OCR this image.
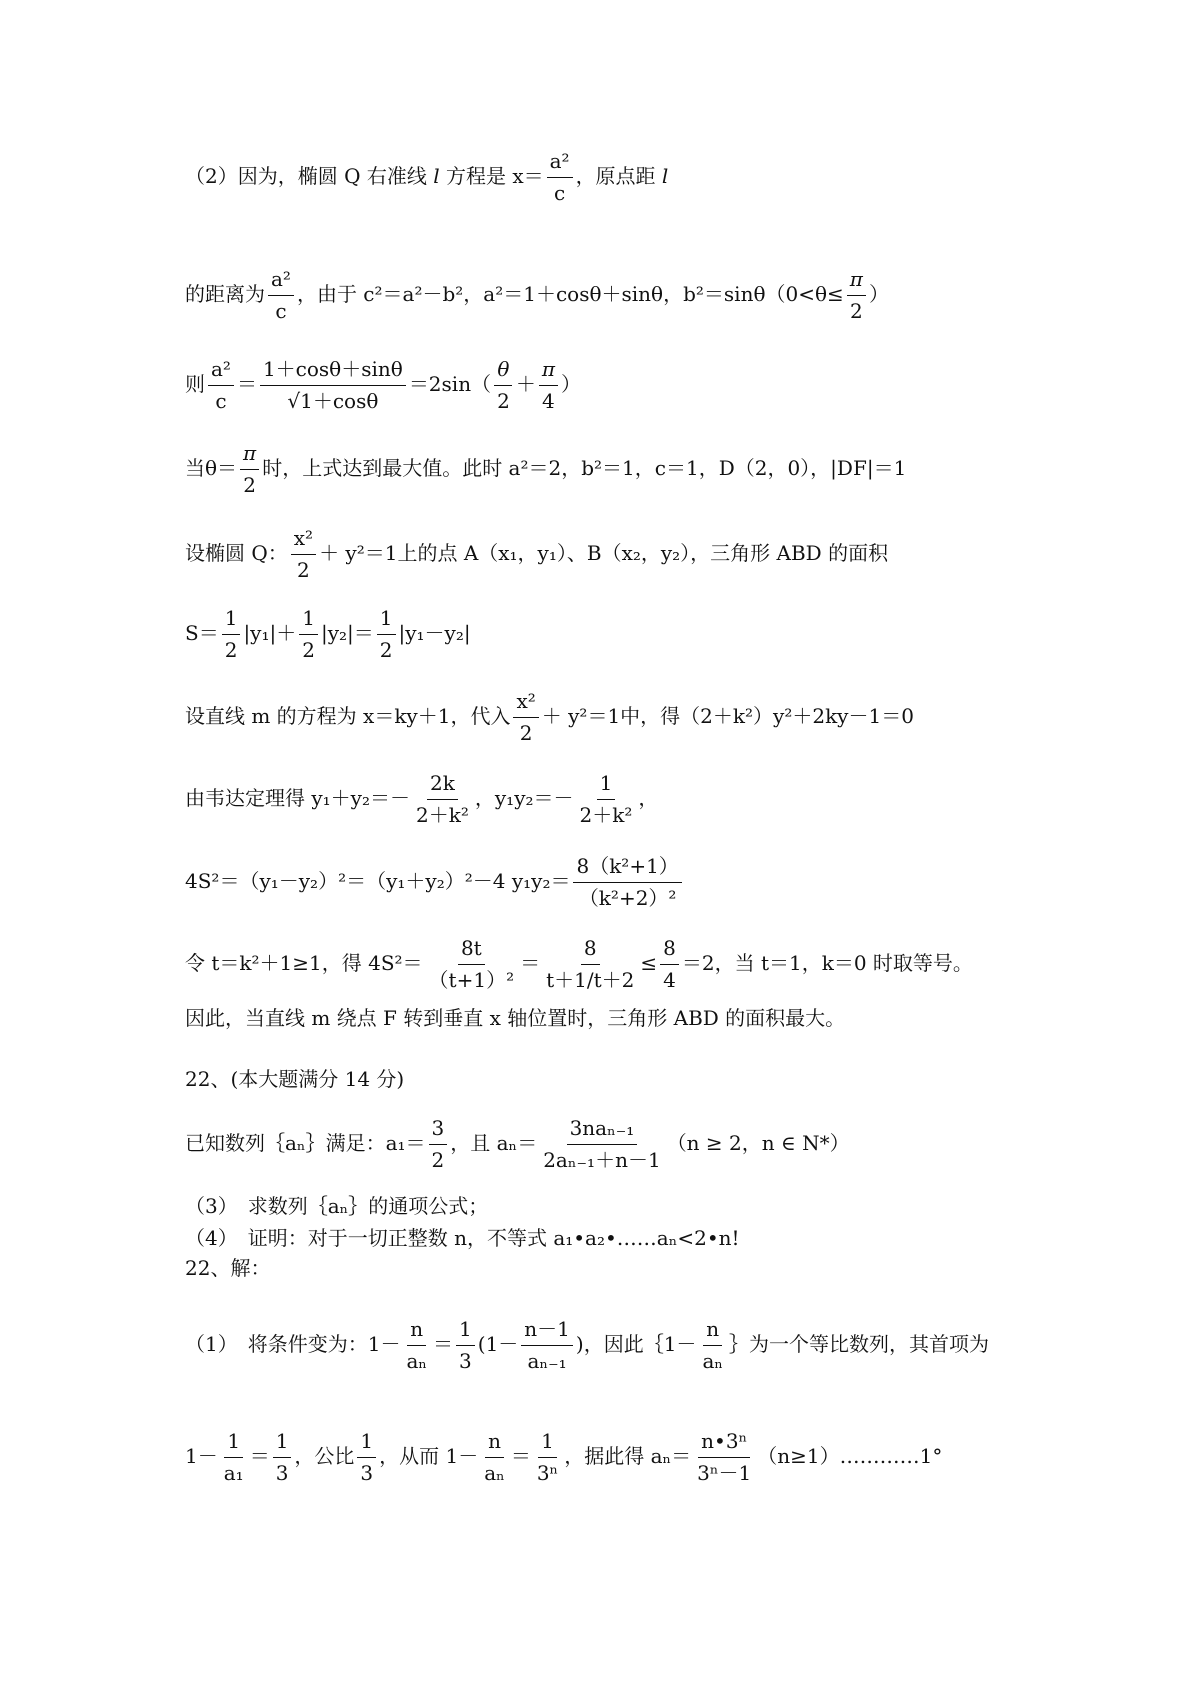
（2）因为，椭圆 Q 右准线 l 方程是 $x= \frac{\text{a²}}{c}$ ，原点距 l
的距离为 $\frac{\text{a²}}{c}$ ，由于 c²＝a²－b²，a²＝1＋cosθ＋sinθ，$b^2=\sin\theta(0<\theta\le \frac{\pi}{2}$ ）
则 $\frac{\text{a²}}{c} = \frac{1+\cos\theta+\sin\theta}{√1+\cos\theta} =2\sin( \frac{\theta}{2} + \frac{\pi}{4}$ ）
当$\theta= \frac{\pi}{2}$ 时，上式达到最大值。此时 a²＝2，b²＝1，c＝1，D（2，0），|DF|＝1
设椭圆 Q： $\frac{\text{x²}}{2} + y^2=1$上的点 A（x₁，y₁）、B（x₂，y₂），三角形 ABD 的面积
$S= \frac{1}{2} |y_1|+ \frac{1}{2} |y_2|= \frac{1}{2} |y_1-y_2|$
设直线 m 的方程为 x＝ky＋1，代入 $\frac{\text{x²}}{2} + y^2=1$中，得（2＋k²）y²＋2ky－1＝0
由韦达定理得 $y_1+y_2=- \frac{2k}{\text{2＋k²}}$ ，$y_1y_2=- \frac{1}{\text{2＋k²}}$ ，
4S²＝（y₁－y₂）²＝（y₁＋y₂）²－4 $y_1y_2= \frac{\text{8（k²+1）}}{\text{（k²+2）²}}$
令 t＝k²＋1≥1，得 $4S^2= \frac{8t}{\text{（t+1）²}} = \frac{8}{t+1/t+2} \le \frac{8}{4} =2$，当 t＝1，k＝0 时取等号。
因此，当直线 m 绕点 F 转到垂直 x 轴位置时，三角形 ABD 的面积最大。
22、(本大题满分 14 分)
已知数列｛aₙ｝满足：$a_1= \frac{3}{2}$ ，且 $a_n= \frac{\text{3naₙ₋₁}}{\text{2aₙ₋₁＋n－1}} (n \ge 2$，n ∈ N*）
（3）　求数列｛aₙ｝的通项公式；
（4）　证明：对于一切正整数 n，不等式 a₁•a₂•……aₙ<2•n!
22、解：
（1）　将条件变为：$1- \frac{n}{\text{aₙ}} = \frac{1}{3} (1- \frac{n-1}{\text{aₙ₋₁}}$ )，因此｛1－ $\frac{n}{\text{aₙ}}$ ｝为一个等比数列，其首项为
$1- \frac{1}{\text{a₁}} = \frac{1}{3}$ ，公比 $\frac{1}{3}$ ，从而 $1- \frac{n}{\text{aₙ}} = \frac{1}{\text{3ⁿ}}$ ，据此得 $a_n= \frac{\text{n•3ⁿ}}{\text{3ⁿ－1}}$ （n≥1）…………1°
